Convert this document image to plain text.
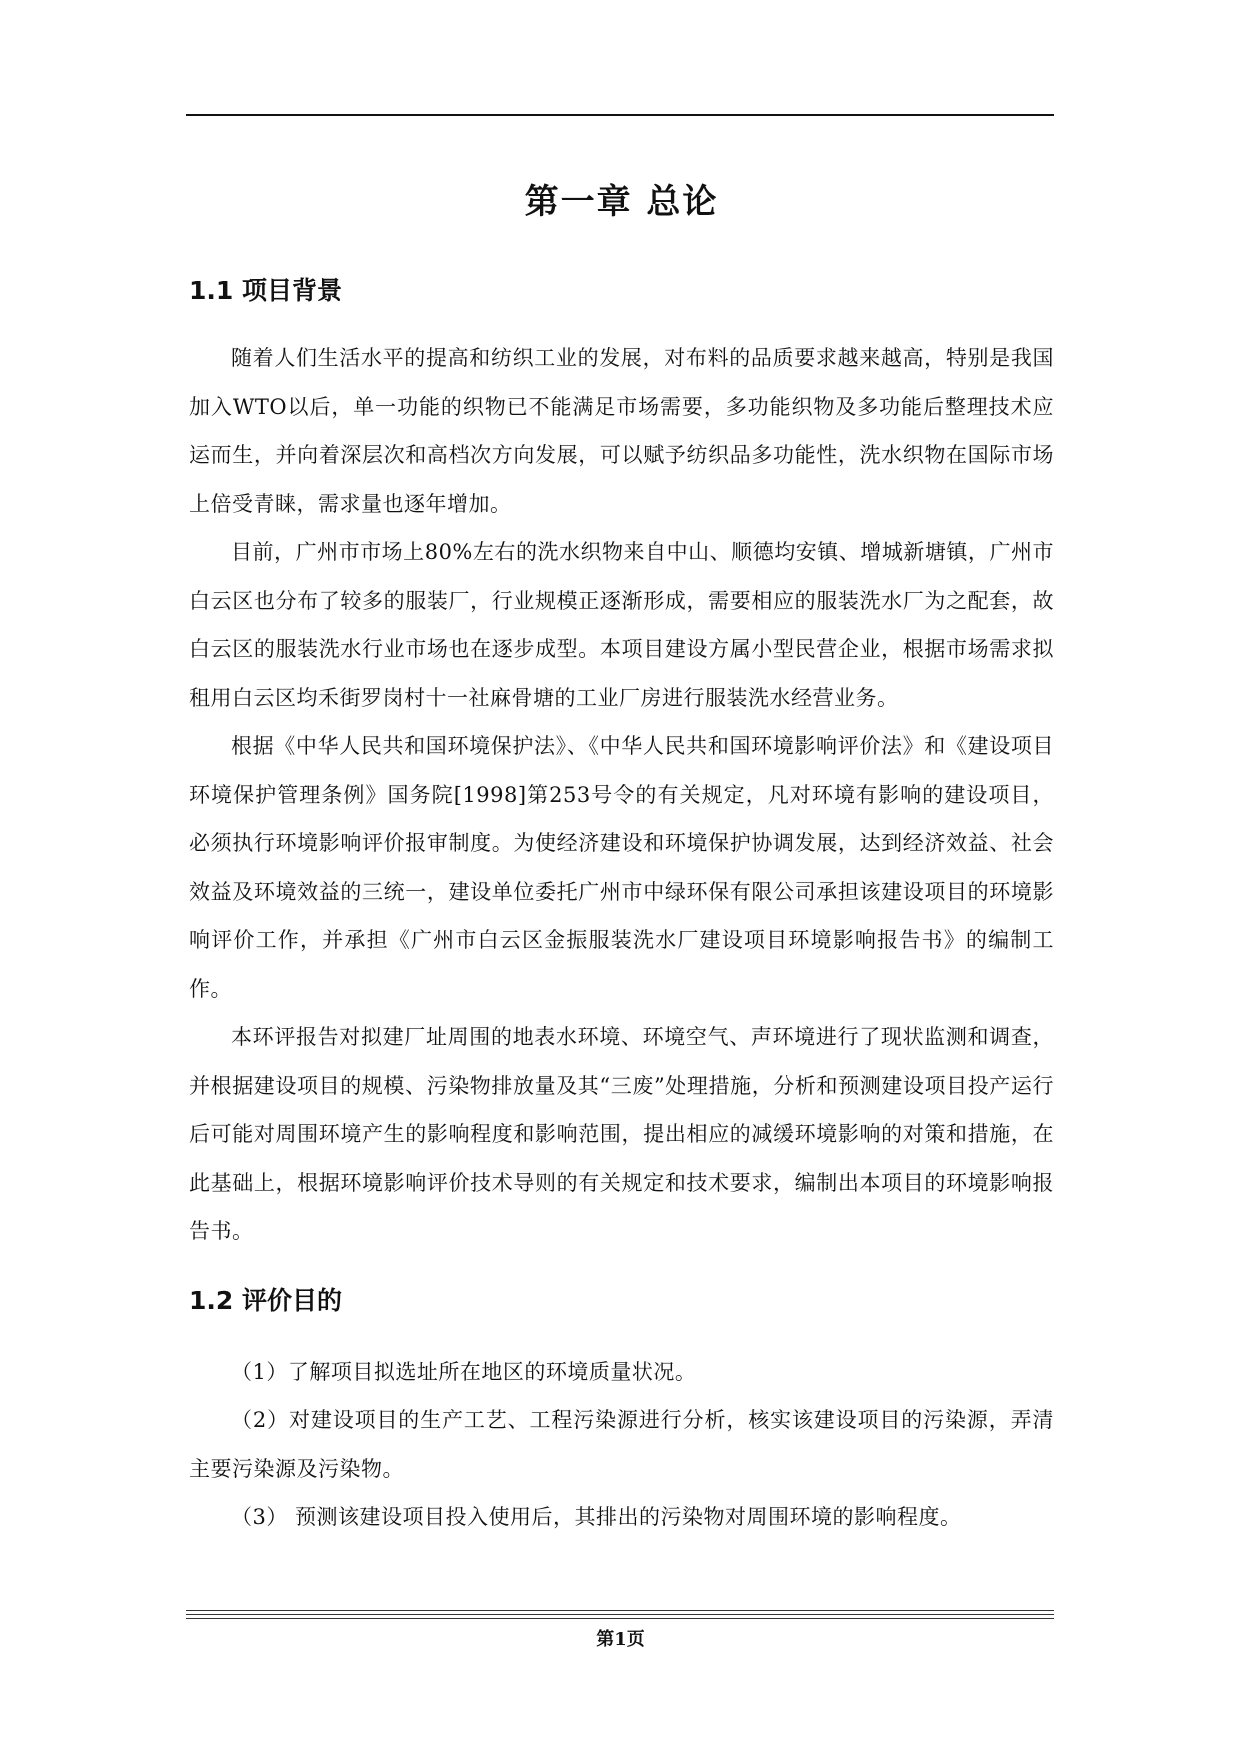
第一章 总论
1.1 项目背景

随着人们生活水平的提高和纺织工业的发展，对布料的品质要求越来越高，特别是我国加入WTO以后，单一功能的织物已不能满足市场需要，多功能织物及多功能后整理技术应运而生，并向着深层次和高档次方向发展，可以赋予纺织品多功能性，洗水织物在国际市场上倍受青睐，需求量也逐年增加。

目前，广州市市场上80%左右的洗水织物来自中山、顺德均安镇、增城新塘镇，广州市白云区也分布了较多的服装厂，行业规模正逐渐形成，需要相应的服装洗水厂为之配套，故白云区的服装洗水行业市场也在逐步成型。本项目建设方属小型民营企业，根据市场需求拟租用白云区均禾街罗岗村十一社麻骨塘的工业厂房进行服装洗水经营业务。

根据《中华人民共和国环境保护法》、《中华人民共和国环境影响评价法》和《建设项目环境保护管理条例》国务院[1998]第253号令的有关规定，凡对环境有影响的建设项目，必须执行环境影响评价报审制度。为使经济建设和环境保护协调发展，达到经济效益、社会效益及环境效益的三统一，建设单位委托广州市中绿环保有限公司承担该建设项目的环境影响评价工作，并承担《广州市白云区金振服装洗水厂建设项目环境影响报告书》的编制工作。

本环评报告对拟建厂址周围的地表水环境、环境空气、声环境进行了现状监测和调查，并根据建设项目的规模、污染物排放量及其“三废”处理措施，分析和预测建设项目投产运行后可能对周围环境产生的影响程度和影响范围，提出相应的减缓环境影响的对策和措施，在此基础上，根据环境影响评价技术导则的有关规定和技术要求，编制出本项目的环境影响报告书。

1.2 评价目的

（1）了解项目拟选址所在地区的环境质量状况。

（2）对建设项目的生产工艺、工程污染源进行分析，核实该建设项目的污染源，弄清主要污染源及污染物。

（3） 预测该建设项目投入使用后，其排出的污染物对周围环境的影响程度。

第1页
